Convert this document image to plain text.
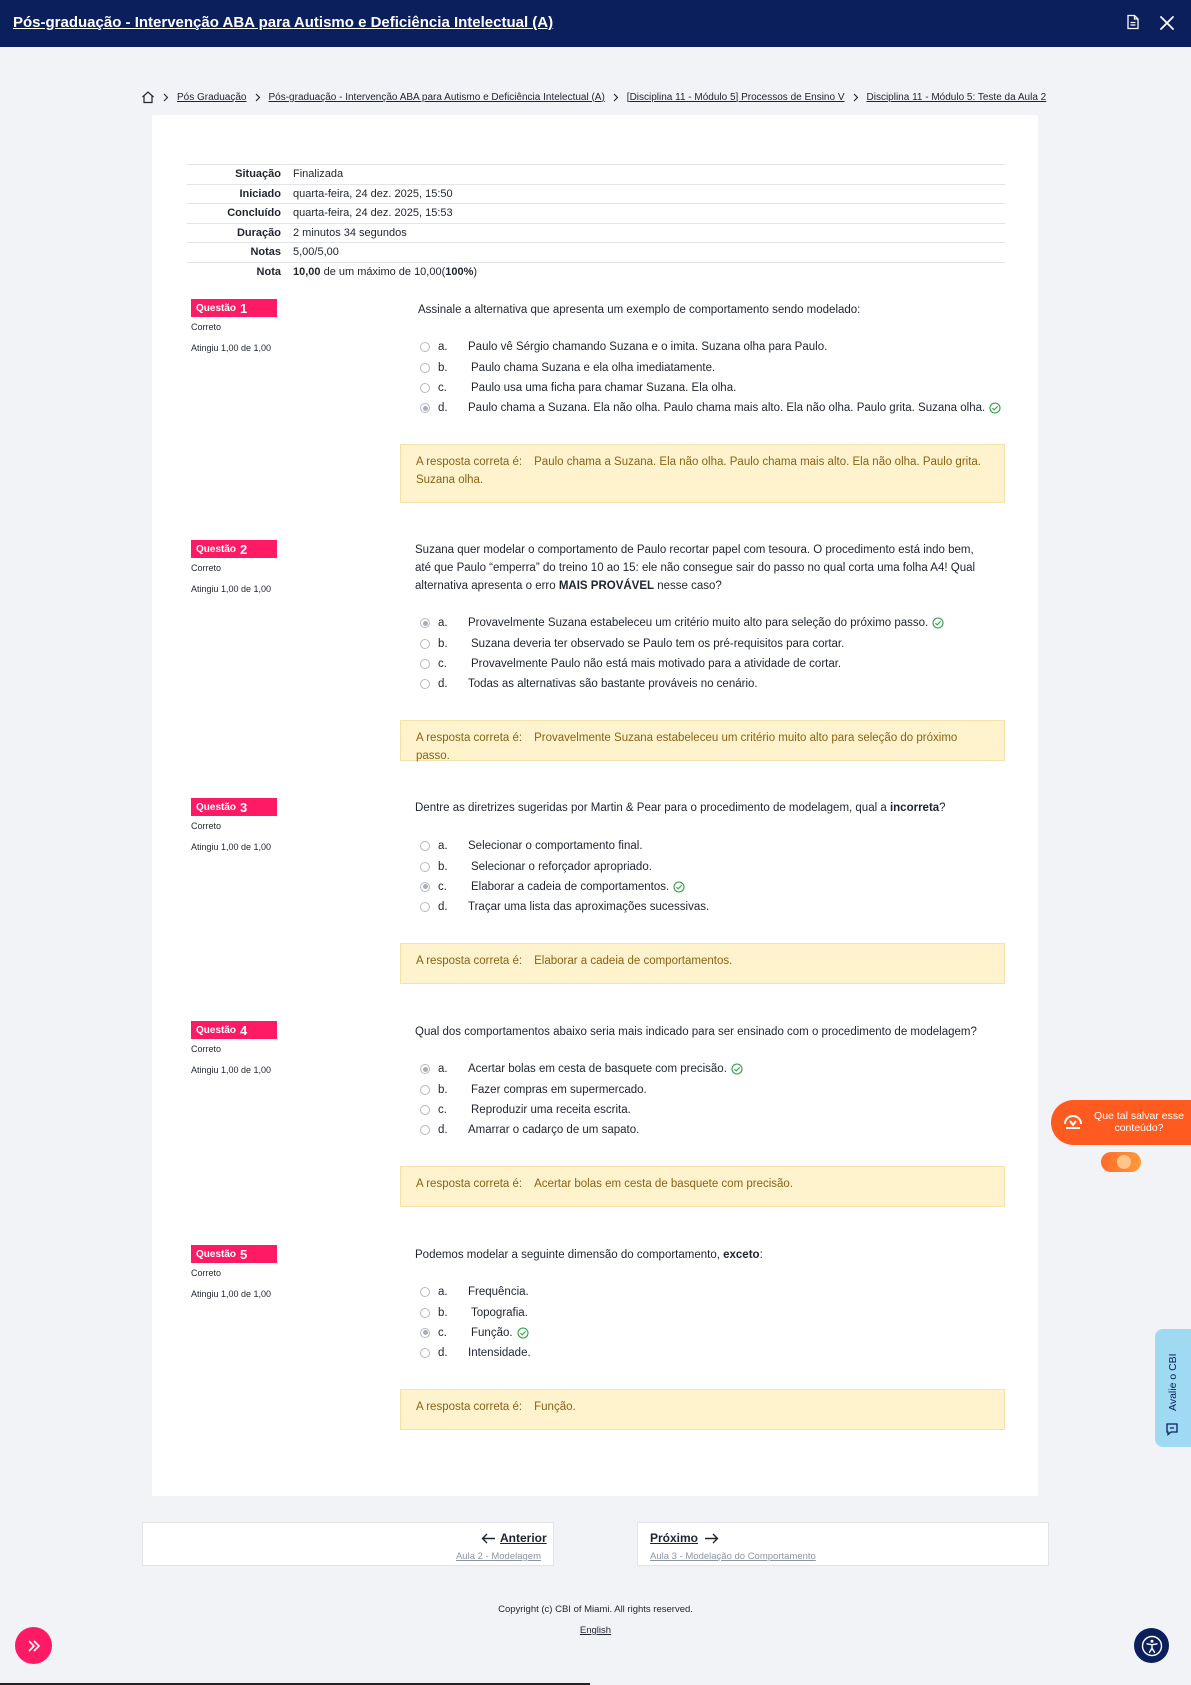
Pós-graduação - Intervenção ABA para Autismo e Deficiência Intelectual (A)
Pós Graduação Pós-graduação - Intervenção ABA para Autismo e Deficiência Intelectual (A) [Disciplina 11 - Módulo 5] Processos de Ensino V Disciplina 11 - Módulo 5: Teste da Aula 2
Situação	Finalizada
Iniciado	quarta-feira, 24 dez. 2025, 15:50
Concluído	quarta-feira, 24 dez. 2025, 15:53
Duração	2 minutos 34 segundos
Notas	5,00/5,00
Nota	10,00 de um máximo de 10,00(100%)
Questão 1
Correto
Atingiu 1,00 de 1,00
Assinale a alternativa que apresenta um exemplo de comportamento sendo modelado:
a.	Paulo vê Sérgio chamando Suzana e o imita. Suzana olha para Paulo.
b.	Paulo chama Suzana e ela olha imediatamente.
c.	Paulo usa uma ficha para chamar Suzana. Ela olha.
d.	Paulo chama a Suzana. Ela não olha. Paulo chama mais alto. Ela não olha. Paulo grita. Suzana olha.
A resposta correta é: Paulo chama a Suzana. Ela não olha. Paulo chama mais alto. Ela não olha. Paulo grita. Suzana olha.
Questão 2
Correto
Atingiu 1,00 de 1,00
Suzana quer modelar o comportamento de Paulo recortar papel com tesoura. O procedimento está indo bem, até que Paulo “emperra” do treino 10 ao 15: ele não consegue sair do passo no qual corta uma folha A4! Qual alternativa apresenta o erro MAIS PROVÁVEL nesse caso?
a.	Provavelmente Suzana estabeleceu um critério muito alto para seleção do próximo passo.
b.	Suzana deveria ter observado se Paulo tem os pré-requisitos para cortar.
c.	Provavelmente Paulo não está mais motivado para a atividade de cortar.
d.	Todas as alternativas são bastante prováveis no cenário.
A resposta correta é: Provavelmente Suzana estabeleceu um critério muito alto para seleção do próximo passo.
Questão 3
Correto
Atingiu 1,00 de 1,00
Dentre as diretrizes sugeridas por Martin & Pear para o procedimento de modelagem, qual a incorreta?
a.	Selecionar o comportamento final.
b.	Selecionar o reforçador apropriado.
c.	Elaborar a cadeia de comportamentos.
d.	Traçar uma lista das aproximações sucessivas.
A resposta correta é: Elaborar a cadeia de comportamentos.
Questão 4
Correto
Atingiu 1,00 de 1,00
Qual dos comportamentos abaixo seria mais indicado para ser ensinado com o procedimento de modelagem?
a.	Acertar bolas em cesta de basquete com precisão.
b.	Fazer compras em supermercado.
c.	Reproduzir uma receita escrita.
d.	Amarrar o cadarço de um sapato.
A resposta correta é: Acertar bolas em cesta de basquete com precisão.
Questão 5
Correto
Atingiu 1,00 de 1,00
Podemos modelar a seguinte dimensão do comportamento, exceto:
a.	Frequência.
b.	Topografia.
c.	Função.
d.	Intensidade.
A resposta correta é: Função.
Anterior
Aula 2 - Modelagem
Próximo
Aula 3 - Modelação do Comportamento
Copyright (c) CBI of Miami. All rights reserved.
English
Que tal salvar esse conteúdo?
Avalie o CBI
